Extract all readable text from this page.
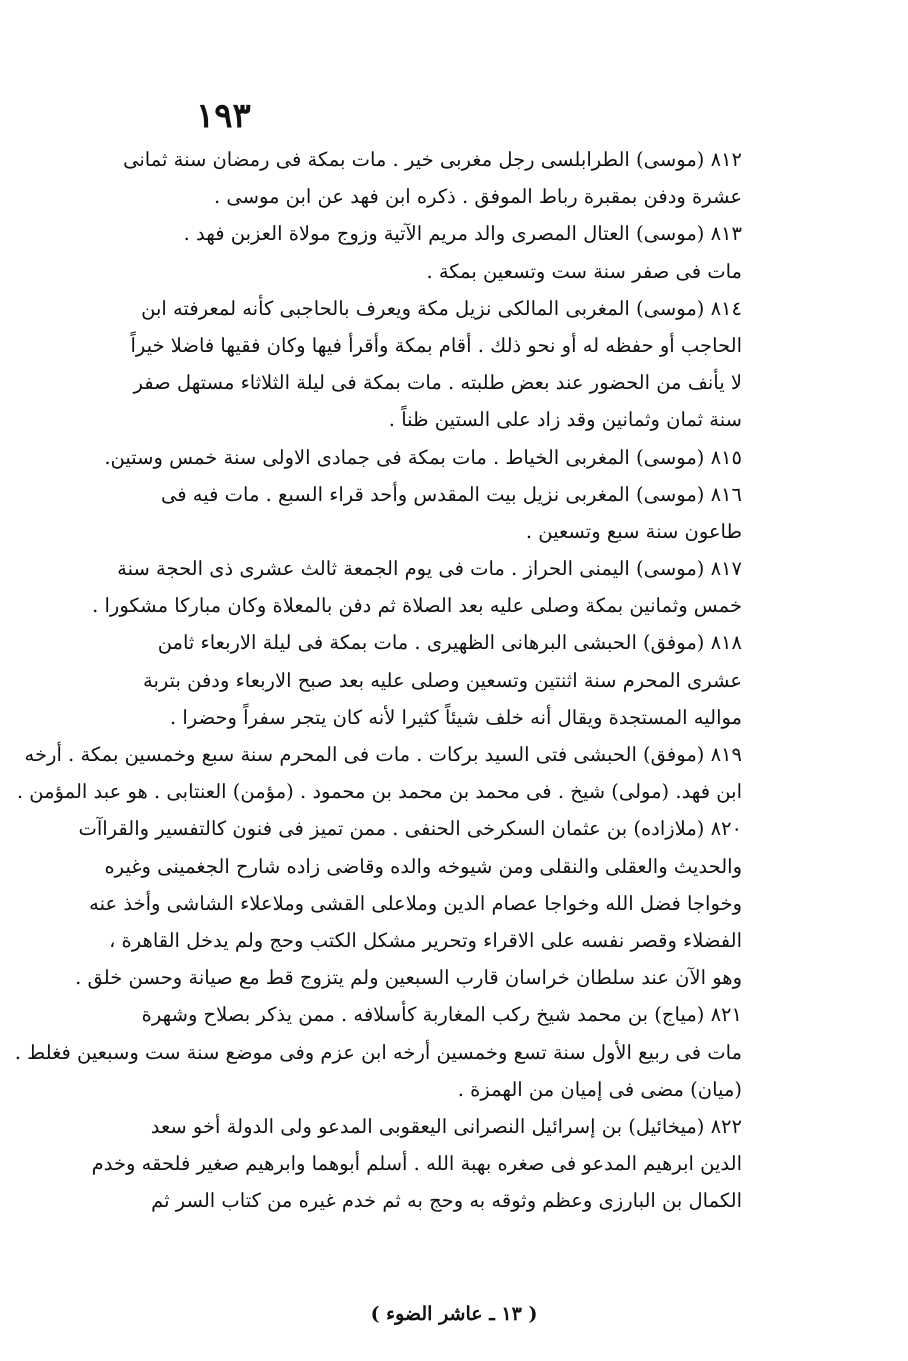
١٩٣
٨١٢ (موسى) الطرابلسى رجل مغربى خير . مات بمكة فى رمضان سنة ثمانى
عشرة ودفن بمقبرة رباط الموفق . ذكره ابن فهد عن ابن موسى .
٨١٣ (موسى) العتال المصرى والد مريم الآتية وزوج مولاة العزبن فهد .
مات فى صفر سنة ست وتسعين بمكة .
٨١٤ (موسى) المغربى المالكى نزيل مكة ويعرف بالحاجبى كأنه لمعرفته ابن
الحاجب أو حفظه له أو نحو ذلك . أقام بمكة وأقرأ فيها وكان فقيها فاضلا خيراً
لا يأنف من الحضور عند بعض طلبته . مات بمكة فى ليلة الثلاثاء مستهل صفر
سنة ثمان وثمانين وقد زاد على الستين ظناً .
٨١٥ (موسى) المغربى الخياط . مات بمكة فى جمادى الاولى سنة خمس وستين.
٨١٦ (موسى) المغربى نزيل بيت المقدس وأحد قراء السبع . مات فيه فى
طاعون سنة سبع وتسعين .
٨١٧ (موسى) اليمنى الحراز . مات فى يوم الجمعة ثالث عشرى ذى الحجة سنة
خمس وثمانين بمكة وصلى عليه بعد الصلاة ثم دفن بالمعلاة وكان مباركا مشكورا .
٨١٨ (موفق) الحبشى البرهانى الظهيرى . مات بمكة فى ليلة الاربعاء ثامن
عشرى المحرم سنة اثنتين وتسعين وصلى عليه بعد صبح الاربعاء ودفن بتربة
مواليه المستجدة ويقال أنه خلف شيئاً كثيرا لأنه كان يتجر سفراً وحضرا .
٨١٩ (موفق) الحبشى فتى السيد بركات . مات فى المحرم سنة سبع وخمسين بمكة . أرخه
ابن فهد. (مولى) شيخ . فى محمد بن محمد بن محمود . (مؤمن) العنتابى . هو عبد المؤمن .
٨٢٠ (ملازاده) بن عثمان السكرخى الحنفى . ممن تميز فى فنون كالتفسير والقراآت
والحديث والعقلى والنقلى ومن شيوخه والده وقاضى زاده شارح الجغمينى وغيره
وخواجا فضل الله وخواجا عصام الدين وملاعلى القشى وملاعلاء الشاشى وأخذ عنه
الفضلاء وقصر نفسه على الاقراء وتحرير مشكل الكتب وحج ولم يدخل القاهرة ،
وهو الآن عند سلطان خراسان قارب السبعين ولم يتزوج قط مع صيانة وحسن خلق .
٨٢١ (مياج) بن محمد شيخ ركب المغاربة كأسلافه . ممن يذكر بصلاح وشهرة
مات فى ربيع الأول سنة تسع وخمسين أرخه ابن عزم وفى موضع سنة ست وسبعين فغلط .
(ميان) مضى فى إميان من الهمزة .
٨٢٢ (ميخائيل) بن إسرائيل النصرانى اليعقوبى المدعو ولى الدولة أخو سعد
الدين ابرهيم المدعو فى صغره بهبة الله . أسلم أبوهما وابرهيم صغير فلحقه وخدم
الكمال بن البارزى وعظم وثوقه به وحج به ثم خدم غيره من كتاب السر ثم
( ١٣ ـ عاشر الضوء )
